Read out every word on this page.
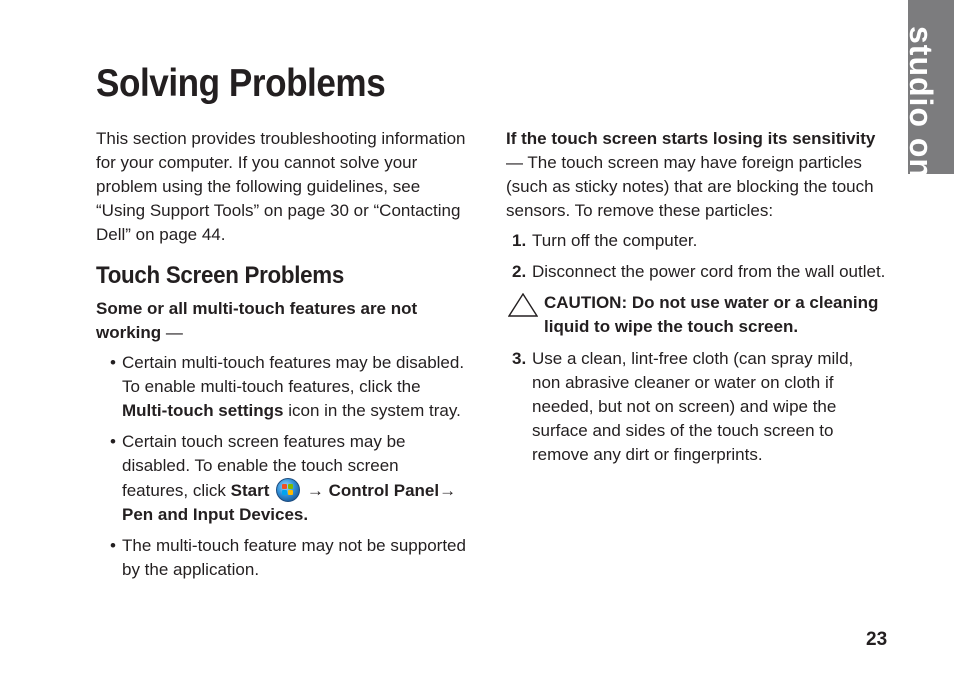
Solving Problems	studio one

This section provides troubleshooting information for your computer. If you cannot solve your problem using the following guidelines, see “Using Support Tools” on page 30 or “Contacting Dell” on page 44.

Touch Screen Problems

Some or all multi-touch features are not working —

• Certain multi-touch features may be disabled. To enable multi-touch features, click the Multi-touch settings icon in the system tray.
• Certain touch screen features may be disabled. To enable the touch screen features, click Start
→ Control Panel→ Pen and Input Devices.
• The multi-touch feature may not be supported by the application.

If the touch screen starts losing its sensitivity — The touch screen may have foreign particles (such as sticky notes) that are blocking the touch sensors. To remove these particles:

1. Turn off the computer.
2. Disconnect the power cord from the wall outlet.
CAUTION: Do not use water or a cleaning liquid to wipe the touch screen.
3. Use a clean, lint-free cloth (can spray mild, non abrasive cleaner or water on cloth if needed, but not on screen) and wipe the surface and sides of the touch screen to remove any dirt or fingerprints.
23
